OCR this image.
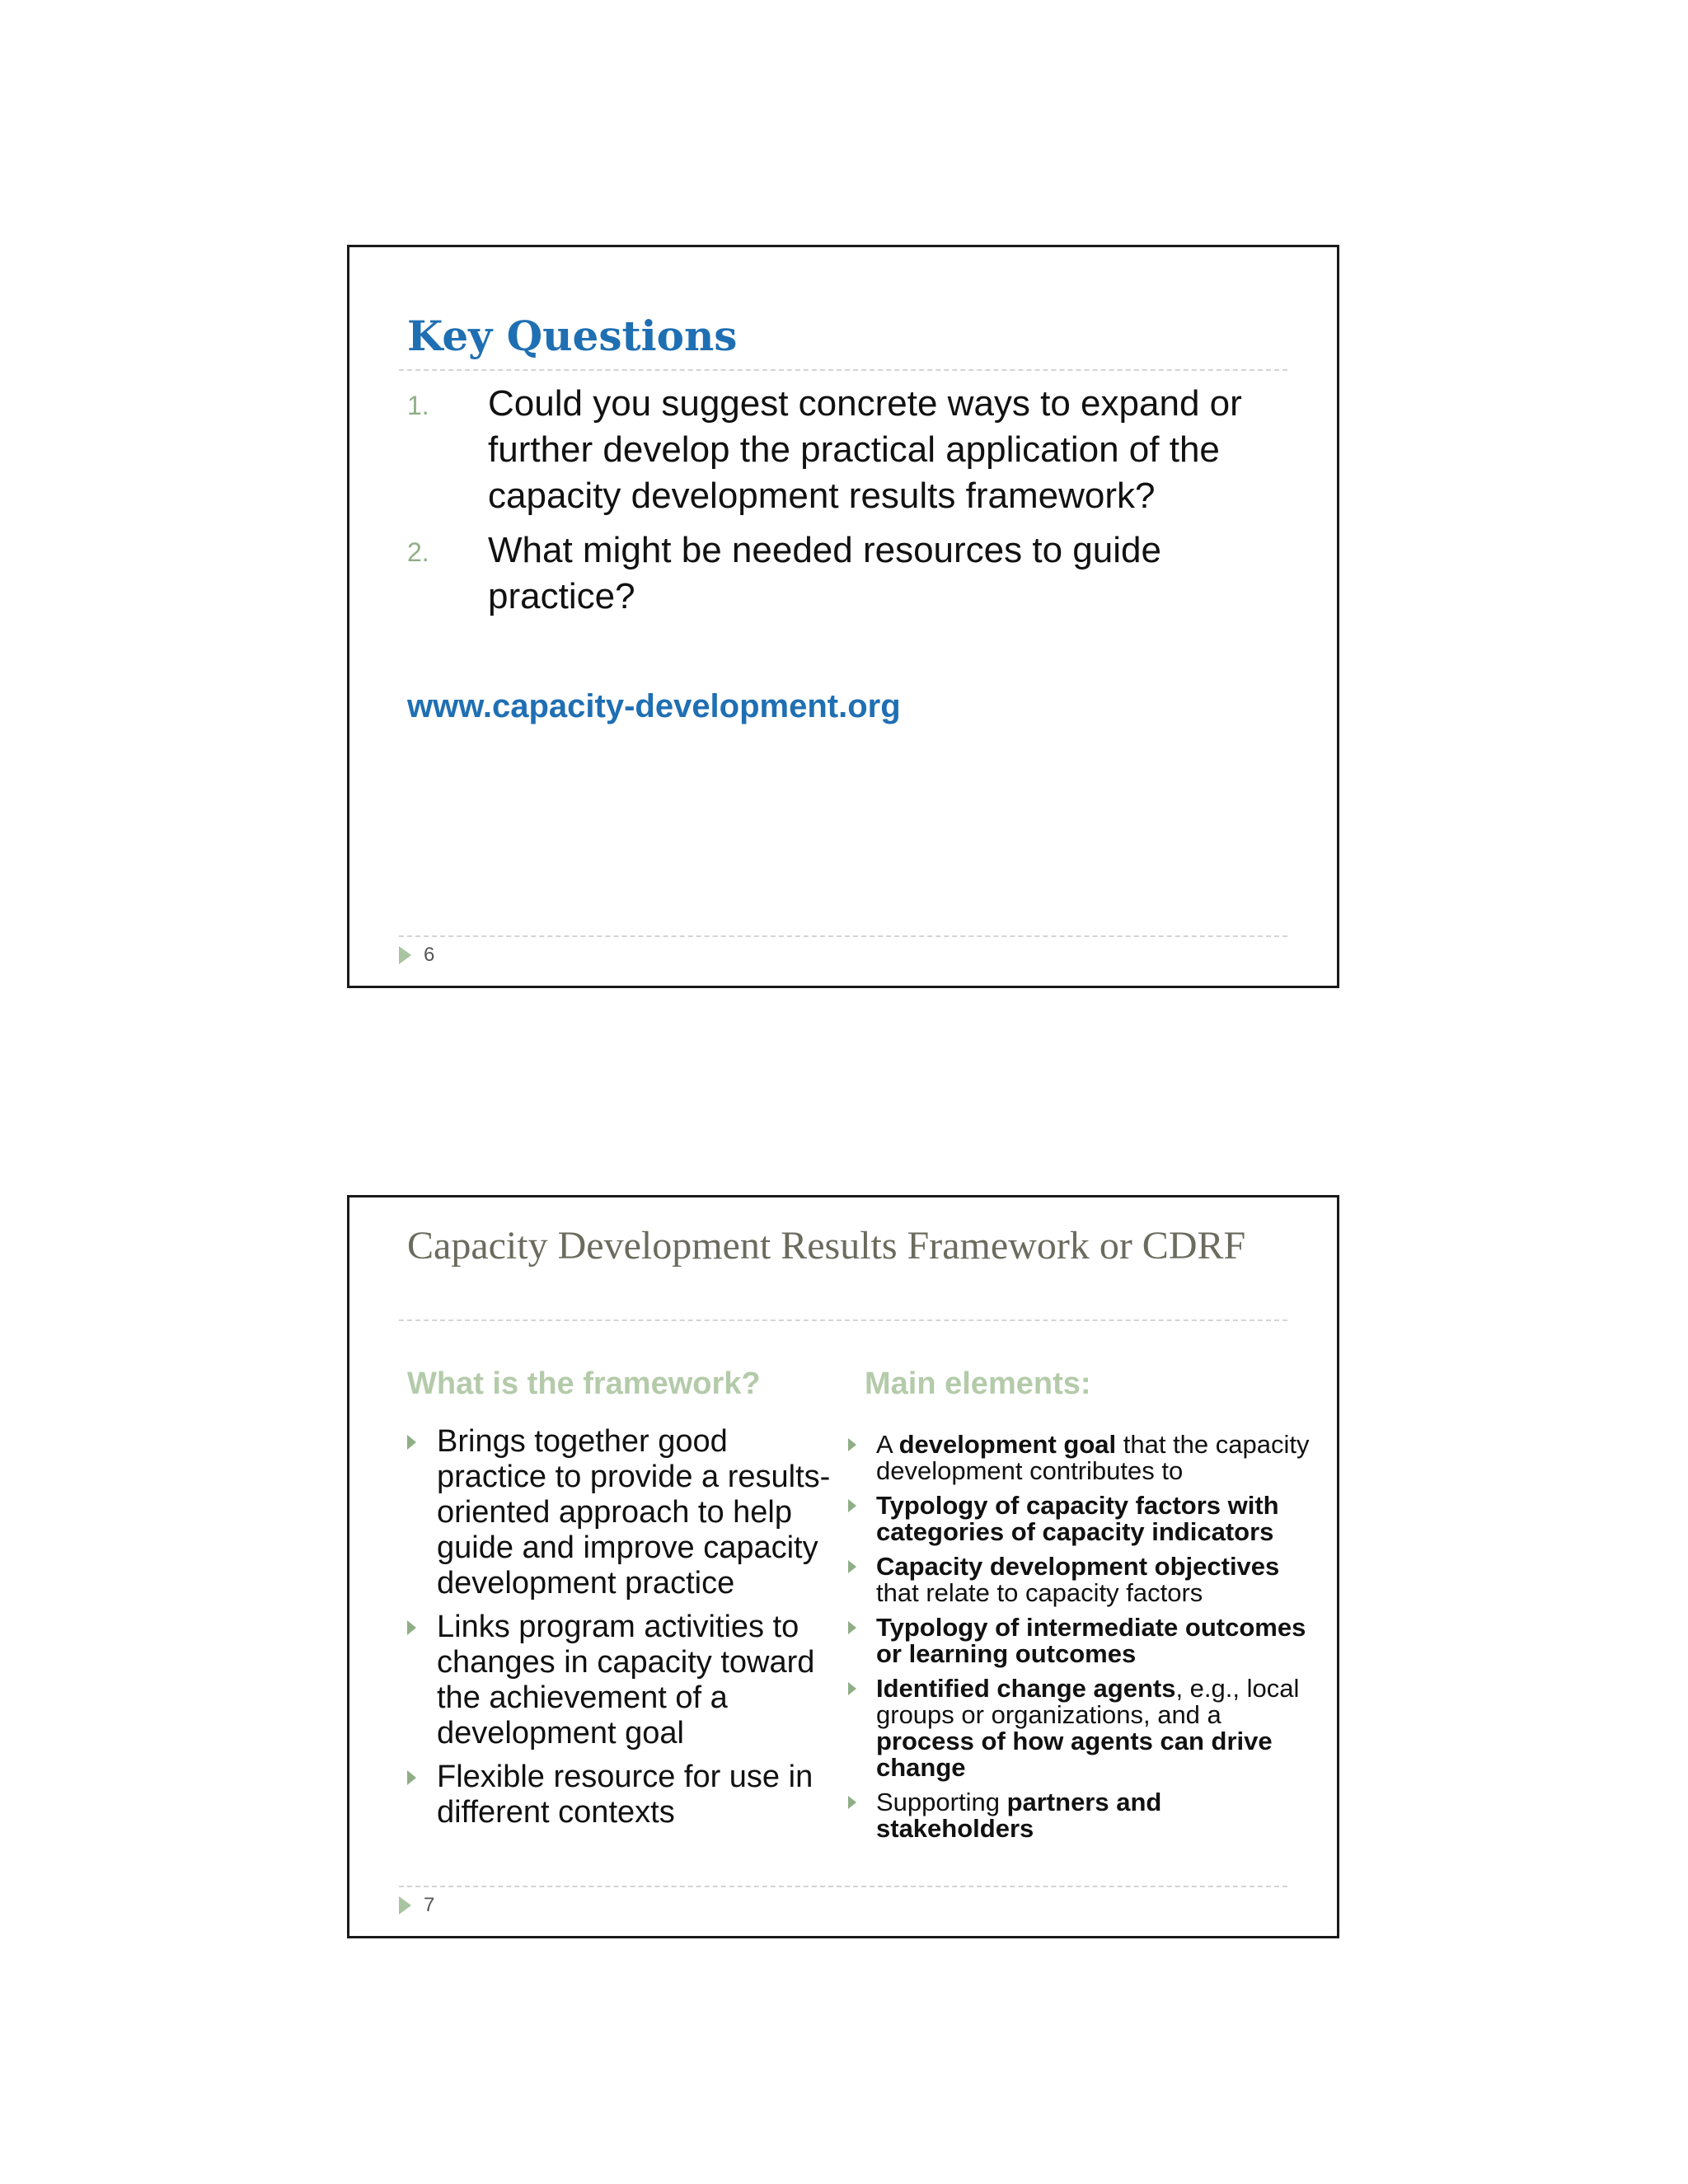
Key Questions
1.	Could you suggest concrete ways to expand or further develop the practical application of the capacity development results framework?
2.	What might be needed resources to guide practice?
www.capacity-development.org
6
Capacity Development Results Framework or CDRF
What is the framework?	Main elements:
Brings together good practice to provide a results-oriented approach to help guide and improve capacity development practice
Links program activities to changes in capacity toward the achievement of a development goal
Flexible resource for use in different contexts
A development goal that the capacity development contributes to
Typology of capacity factors with categories of capacity indicators
Capacity development objectives that relate to capacity factors
Typology of intermediate outcomes or learning outcomes
Identified change agents, e.g., local groups or organizations, and a process of how agents can drive change
Supporting partners and stakeholders
7
